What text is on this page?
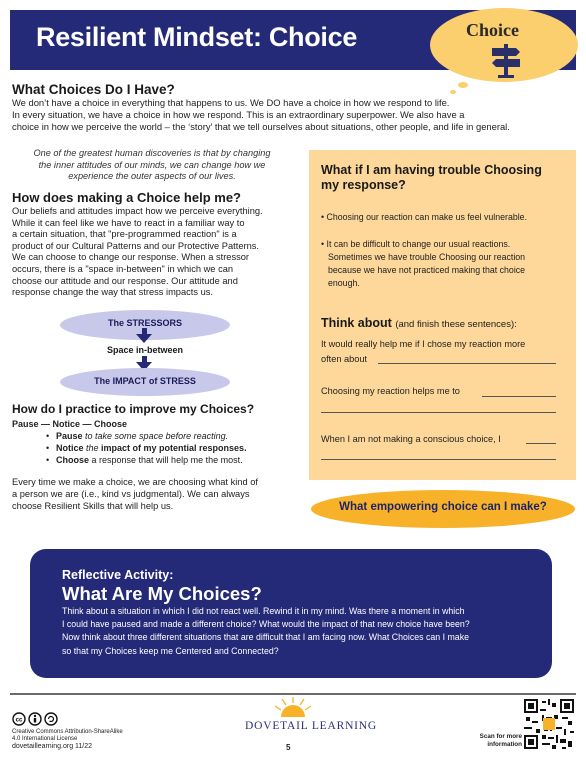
Resilient Mindset: Choice	Choice
What Choices Do I Have?
We don’t have a choice in everything that happens to us. We DO have a choice in how we respond to life.
In every situation, we have a choice in how we respond. This is an extraordinary superpower. We also have a
choice in how we perceive the world – the ‘story’ that we tell ourselves about situations, other people, and life in general.
One of the greatest human discoveries is that by changing
the inner attitudes of our minds, we can change how we
experience the outer aspects of our lives.
How does making a Choice help me?
Our beliefs and attitudes impact how we perceive everything.
While it can feel like we have to react in a familiar way to
a certain situation, that "pre-programmed reaction" is a
product of our Cultural Patterns and our Protective Patterns.
We can choose to change our response. When a stressor
occurs, there is a "space in-between" in which we can
choose our attitude and our response. Our attitude and
response change the way that stress impacts us.
The STRESSORS
Space in-between
The IMPACT of STRESS
How do I practice to improve my Choices?
Pause — Notice — Choose
• Pause to take some space before reacting.
• Notice the impact of my potential responses.
• Choose a response that will help me the most.
Every time we make a choice, we are choosing what kind of
a person we are (i.e., kind vs judgmental). We can always
choose Resilient Skills that will help us.
What if I am having trouble Choosing
my response?
• Choosing our reaction can make us feel vulnerable.
• It can be difficult to change our usual reactions.
Sometimes we have trouble Choosing our reaction
because we have not practiced making that choice
enough.
Think about (and finish these sentences):
It would really help me if I chose my reaction more
often about
Choosing my reaction helps me to
When I am not making a conscious choice, I
What empowering choice can I make?
Reflective Activity:
What Are My Choices?
Think about a situation in which I did not react well. Rewind it in my mind. Was there a moment in which
I could have paused and made a different choice? What would the impact of that new choice have been?
Now think about three different situations that are difficult that I am facing now. What Choices can I make
so that my Choices keep me Centered and Connected?
cc
Creative Commons Attribution-ShareAlike
4.0 International License
dovetaillearning.org 11/22
DOVETAIL LEARNING
5
Scan for more
information
